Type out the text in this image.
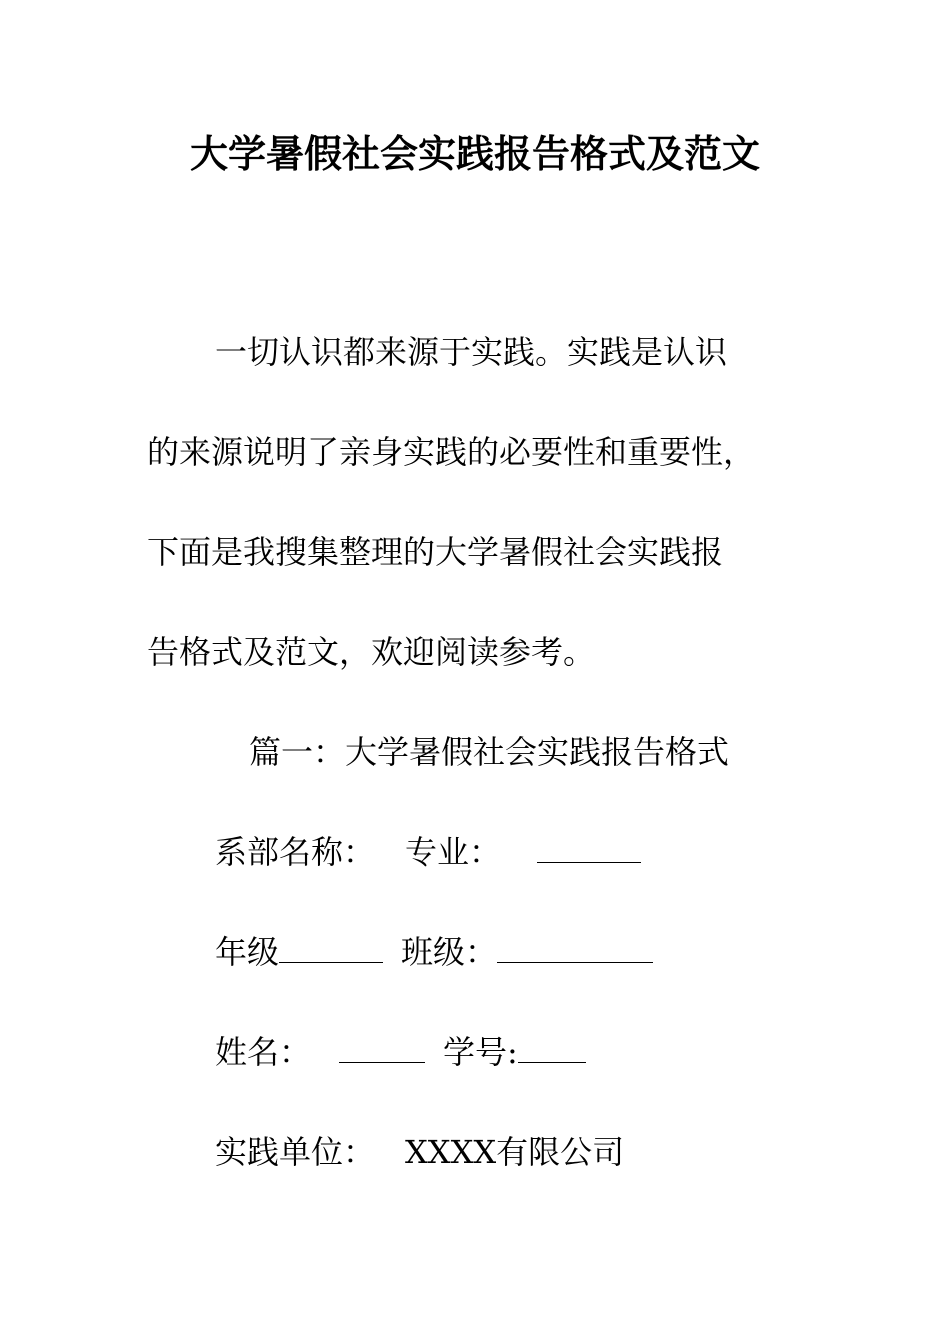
大学暑假社会实践报告格式及范文
一切认识都来源于实践。实践是认识
的来源说明了亲身实践的必要性和重要性，
下面是我搜集整理的大学暑假社会实践报
告格式及范文，欢迎阅读参考。
篇一：大学暑假社会实践报告格式
系部名称： 专业：
年级	班级：
姓名：	学号:
实践单位： XXXX有限公司
